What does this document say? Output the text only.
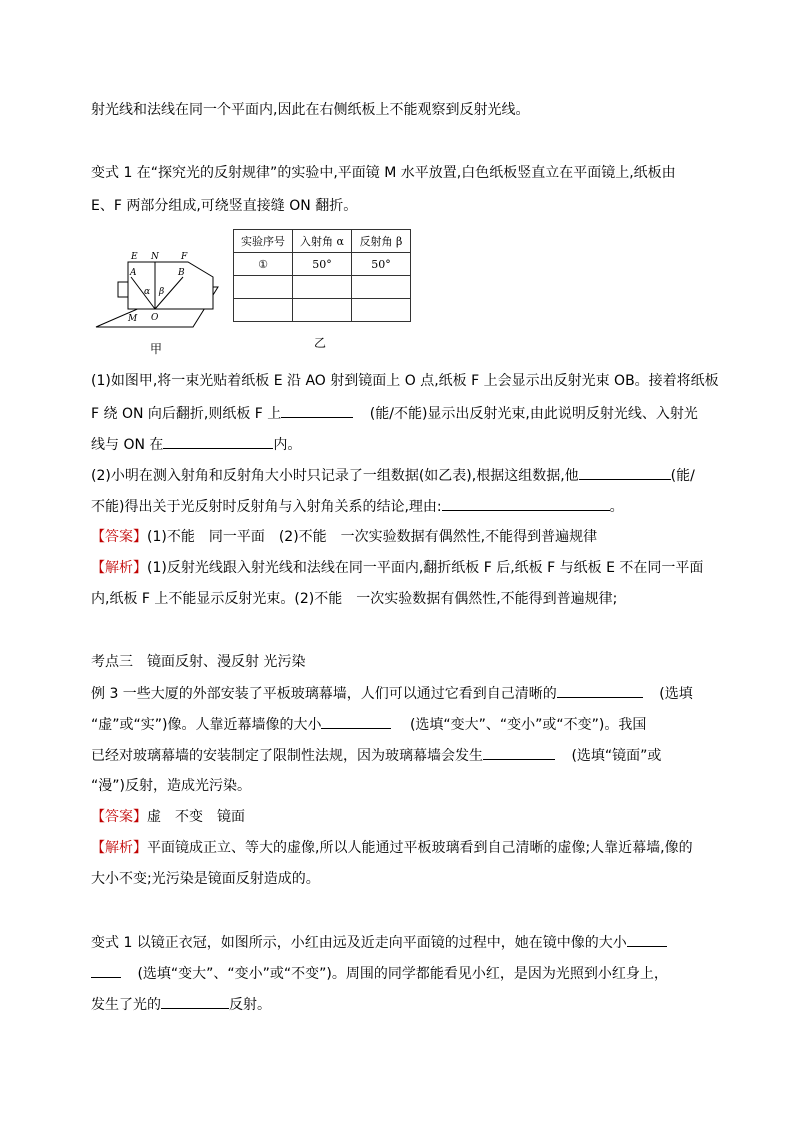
射光线和法线在同一个平面内,因此在右侧纸板上不能观察到反射光线。
变式 1 在“探究光的反射规律”的实验中,平面镜 M 水平放置,白色纸板竖直立在平面镜上,纸板由
E、F 两部分组成,可绕竖直接缝 ON 翻折。
E N F
A	B
α β
O
M
甲
实验序号	入射角 α	反射角 β
①	50°	50°

乙
(1)如图甲,将一束光贴着纸板 E 沿 AO 射到镜面上 O 点,纸板 F 上会显示出反射光束 OB。接着将纸板
F 绕 ON 向后翻折,则纸板 F 上	(能/不能)显示出反射光束,由此说明反射光线、入射光
线与 ON 在	内。
(2)小明在测入射角和反射角大小时只记录了一组数据(如乙表),根据这组数据,他	(能/
不能)得出关于光反射时反射角与入射角关系的结论,理由:	。
【答案】(1)不能　同一平面　(2)不能　一次实验数据有偶然性,不能得到普遍规律
【解析】(1)反射光线跟入射光线和法线在同一平面内,翻折纸板 F 后,纸板 F 与纸板 E 不在同一平面
内,纸板 F 上不能显示反射光束。(2)不能　一次实验数据有偶然性,不能得到普遍规律;
考点三　镜面反射、漫反射 光污染
例 3 一些大厦的外部安装了平板玻璃幕墙，人们可以通过它看到自己清晰的	(选填
“虚”或“实”)像。人靠近幕墙像的大小	(选填“变大”、“变小”或“不变”)。我国
已经对玻璃幕墙的安装制定了限制性法规，因为玻璃幕墙会发生	(选填“镜面”或
“漫”)反射，造成光污染。
【答案】虚　不变　镜面
【解析】平面镜成正立、等大的虚像,所以人能通过平板玻璃看到自己清晰的虚像;人靠近幕墙,像的
大小不变;光污染是镜面反射造成的。
变式 1 以镜正衣冠，如图所示，小红由远及近走向平面镜的过程中，她在镜中像的大小
(选填“变大”、“变小”或“不变”)。周围的同学都能看见小红，是因为光照到小红身上，
发生了光的	反射。
